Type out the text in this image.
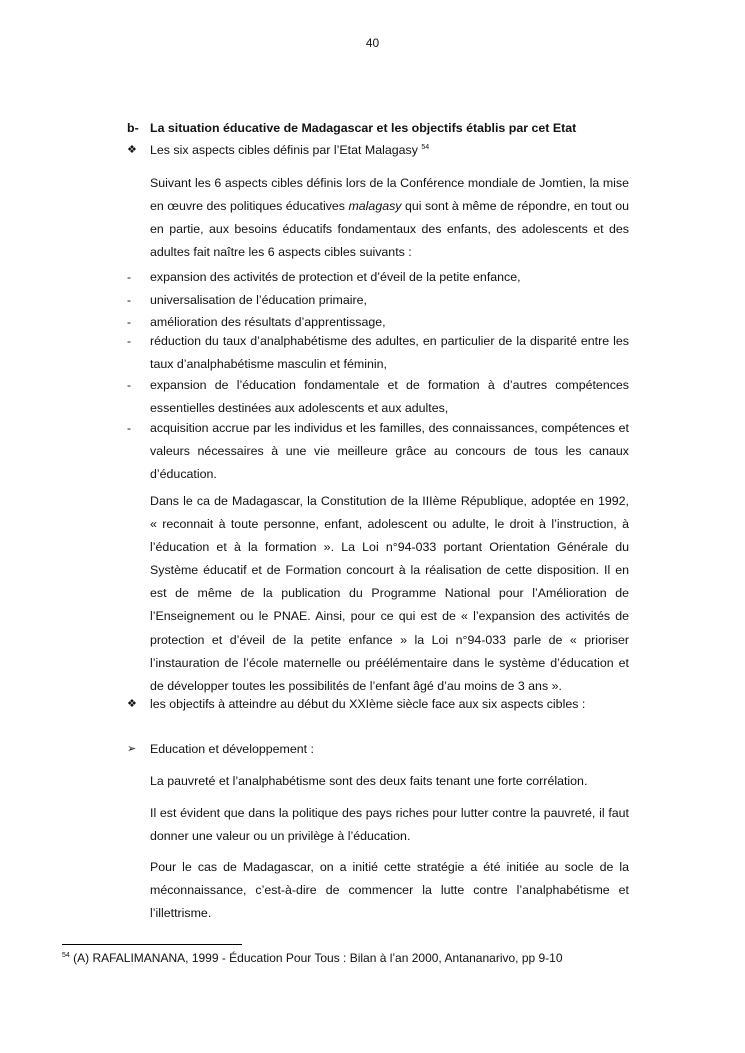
40
b- La situation éducative de Madagascar et les objectifs établis par cet Etat
❖	Les six aspects cibles définis par l’Etat Malagasy $^{54}$
Suivant les 6 aspects cibles définis lors de la Conférence mondiale de Jomtien, la mise en œuvre des politiques éducatives malagasy qui sont à même de répondre, en tout ou en partie, aux besoins éducatifs fondamentaux des enfants, des adolescents et des adultes fait naître les 6 aspects cibles suivants :
-	expansion des activités de protection et d’éveil de la petite enfance,
-	universalisation de l’éducation primaire,
-	amélioration des résultats d’apprentissage,
-	réduction du taux d’analphabétisme des adultes, en particulier de la disparité entre les taux d’analphabétisme masculin et féminin,
-	expansion de l’éducation fondamentale et de formation à d’autres compétences essentielles destinées aux adolescents et aux adultes,
-	acquisition accrue par les individus et les familles, des connaissances, compétences et valeurs nécessaires à une vie meilleure grâce au concours de tous les canaux d’éducation.
Dans le ca de Madagascar, la Constitution de la IIIème République, adoptée en 1992, « reconnait à toute personne, enfant, adolescent ou adulte, le droit à l’instruction, à l’éducation et à la formation ». La Loi n°94-033 portant Orientation Générale du Système éducatif et de Formation concourt à la réalisation de cette disposition. Il en est de même de la publication du Programme National pour l’Amélioration de l’Enseignement ou le PNAE. Ainsi, pour ce qui est de « l’expansion des activités de protection et d’éveil de la petite enfance » la Loi n°94-033 parle de « prioriser l’instauration de l’école maternelle ou préélémentaire dans le système d’éducation et de développer toutes les possibilités de l’enfant âgé d’au moins de 3 ans ».
❖	les objectifs à atteindre au début du XXIème siècle face aux six aspects cibles :
➢	Education et développement :
La pauvreté et l’analphabétisme sont des deux faits tenant une forte corrélation.
Il est évident que dans la politique des pays riches pour lutter contre la pauvreté, il faut donner une valeur ou un privilège à l’éducation.
Pour le cas de Madagascar, on a initié cette stratégie a été initiée au socle de la méconnaissance, c’est-à-dire de commencer la lutte contre l’analphabétisme et l’illettrisme.
$^{54}$ (A) RAFALIMANANA, 1999 - Éducation Pour Tous : Bilan à l’an 2000, Antananarivo, pp 9-10
